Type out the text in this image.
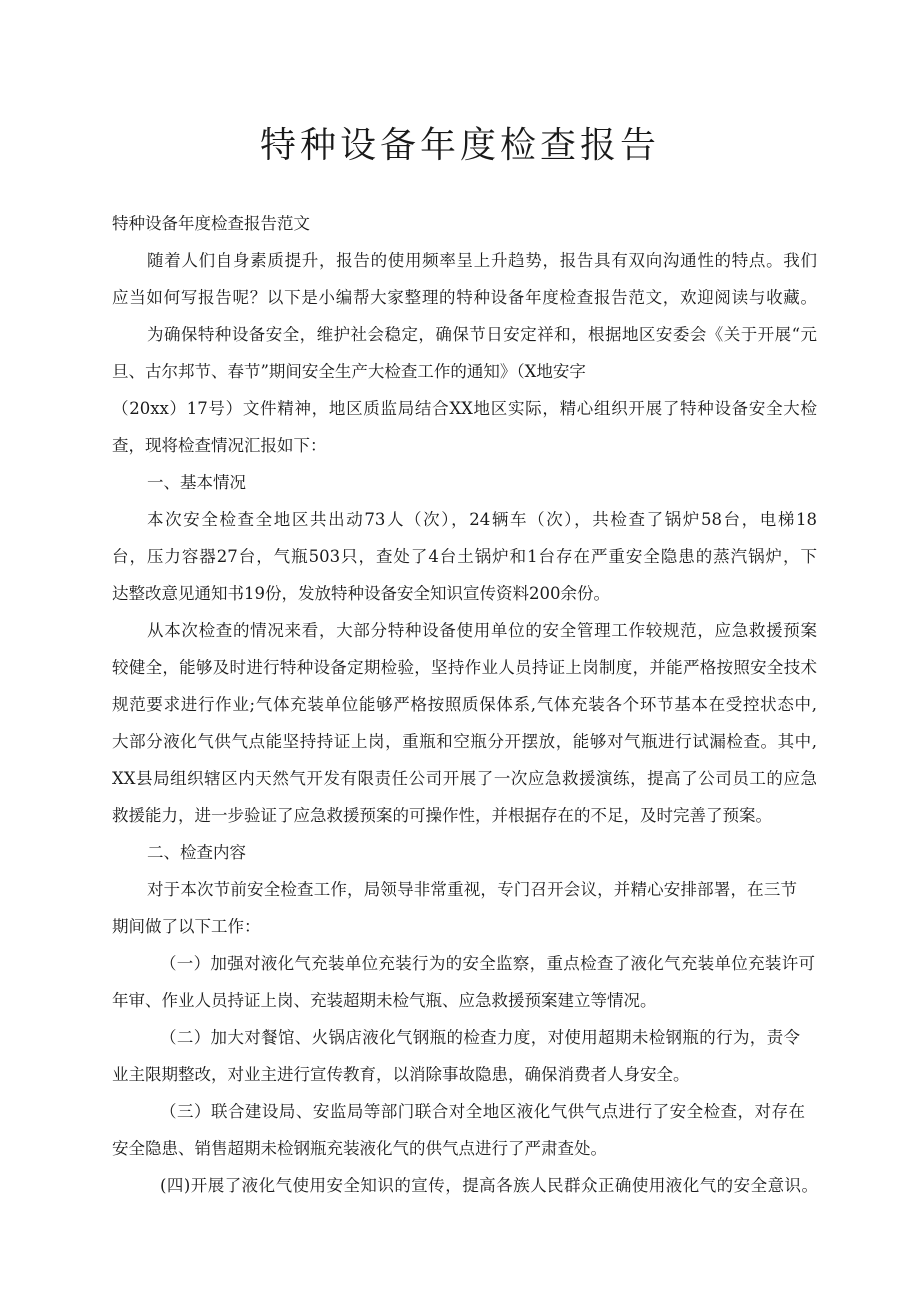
特种设备年度检查报告
特种设备年度检查报告范文
随着人们自身素质提升，报告的使用频率呈上升趋势，报告具有双向沟通性的特点。我们
应当如何写报告呢？以下是小编帮大家整理的特种设备年度检查报告范文，欢迎阅读与收藏。
为确保特种设备安全，维护社会稳定，确保节日安定祥和，根据地区安委会《关于开展“元
旦、古尔邦节、春节”期间安全生产大检查工作的通知》（X地安字
（20xx）17号）文件精神，地区质监局结合XX地区实际，精心组织开展了特种设备安全大检
查，现将检查情况汇报如下：
一、基本情况
本次安全检查全地区共出动73人（次），24辆车（次），共检查了锅炉58台，电梯18
台，压力容器27台，气瓶503只，查处了4台土锅炉和1台存在严重安全隐患的蒸汽锅炉，下
达整改意见通知书19份，发放特种设备安全知识宣传资料200余份。
从本次检查的情况来看，大部分特种设备使用单位的安全管理工作较规范，应急救援预案
较健全，能够及时进行特种设备定期检验，坚持作业人员持证上岗制度，并能严格按照安全技术
规范要求进行作业;气体充装单位能够严格按照质保体系,气体充装各个环节基本在受控状态中,
大部分液化气供气点能坚持持证上岗，重瓶和空瓶分开摆放，能够对气瓶进行试漏检查。其中,
XX县局组织辖区内天然气开发有限责任公司开展了一次应急救援演练，提高了公司员工的应急
救援能力，进一步验证了应急救援预案的可操作性，并根据存在的不足，及时完善了预案。
二、检查内容
对于本次节前安全检查工作，局领导非常重视，专门召开会议，并精心安排部署，在三节
期间做了以下工作：
（一）加强对液化气充装单位充装行为的安全监察，重点检查了液化气充装单位充装许可
年审、作业人员持证上岗、充装超期未检气瓶、应急救援预案建立等情况。
（二）加大对餐馆、火锅店液化气钢瓶的检查力度，对使用超期未检钢瓶的行为，责令
业主限期整改，对业主进行宣传教育，以消除事故隐患，确保消费者人身安全。
（三）联合建设局、安监局等部门联合对全地区液化气供气点进行了安全检查，对存在
安全隐患、销售超期未检钢瓶充装液化气的供气点进行了严肃查处。
(四)开展了液化气使用安全知识的宣传，提高各族人民群众正确使用液化气的安全意识。
